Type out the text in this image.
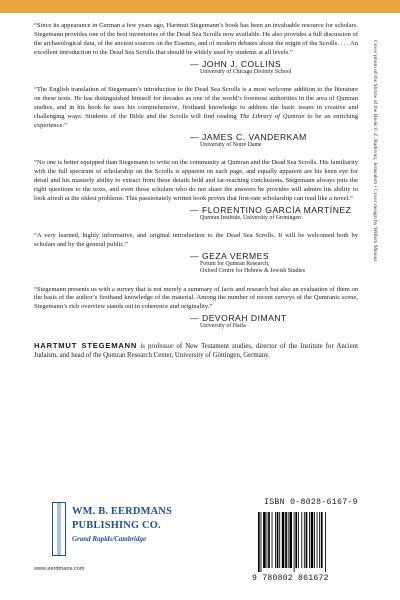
“Since its appearance in German a few years ago, Hartmut Stegemann’s book has been an invaluable resource for scholars. Stegemann provides one of the best inventories of the Dead Sea Scrolls now available. He also provides a full discussion of the archaeological data, of the ancient sources on the Essenes, and of modern debates about the origin of the Scrolls. . . . An excellent introduction to the Dead Sea Scrolls that should be widely used by students at all levels.”

— JOHN J. COLLINS
University of Chicago Divinity School

“The English translation of Stegemann’s introduction to the Dead Sea Scrolls is a most welcome addition to the literature on these texts. He has distinguished himself for decades as one of the world’s foremost authorities in the area of Qumran studies, and in his book he uses his comprehensive, firsthand knowledge to address the basic issues in creative and challenging ways. Students of the Bible and the Scrolls will find reading The Library of Qumran to be an enriching experience.”

— JAMES C. VANDERKAM
University of Notre Dame

“No one is better equipped than Stegemann to write on the community at Qumran and the Dead Sea Scrolls. His familiarity with the full spectrum of scholarship on the Scrolls is apparent on each page, and equally apparent are his keen eye for detail and his masterly ability to extract from these details bold and far-reaching conclusions. Stegemann always puts the right questions to the texts, and even those scholars who do not share the answers he provides will admire his ability to look afresh at the oldest problems. This passionately written book proves that first-rate scholarship can read like a novel.”

— FLORENTINO GARCÍA MARTÍNEZ
Qumran Institute, University of Groningen

“A very learned, highly informative, and original introduction to the Dead Sea Scrolls. It will be welcomed both by scholars and by the general public.”

— GEZA VERMES
Forum for Qumran Research,
Oxford Centre for Hebrew & Jewish Studies

“Stegemann presents us with a survey that is not merely a summary of facts and research but also an evaluation of them on the basis of the author’s firsthand knowledge of the material. Among the number of recent surveys of the Qumranic scene, Stegemann’s rich overview stands out in coherence and originality.”

— DEVORAH DIMANT
University of Haifa

HARTMUT STEGEMANN is professor of New Testament studies, director of the Institute for Ancient Judaism, and head of the Qumran Research Center, University of Göttingen, Germany.

Cover photo of the Shrine of the Book © Z. Radovan, Jerusalem • Cover design by Willem Mineur
WM. B. EERDMANS
PUBLISHING CO.
Grand Rapids/Cambridge
www.eerdmans.com
ISBN 0-8028-6167-9
9 780802 861672
